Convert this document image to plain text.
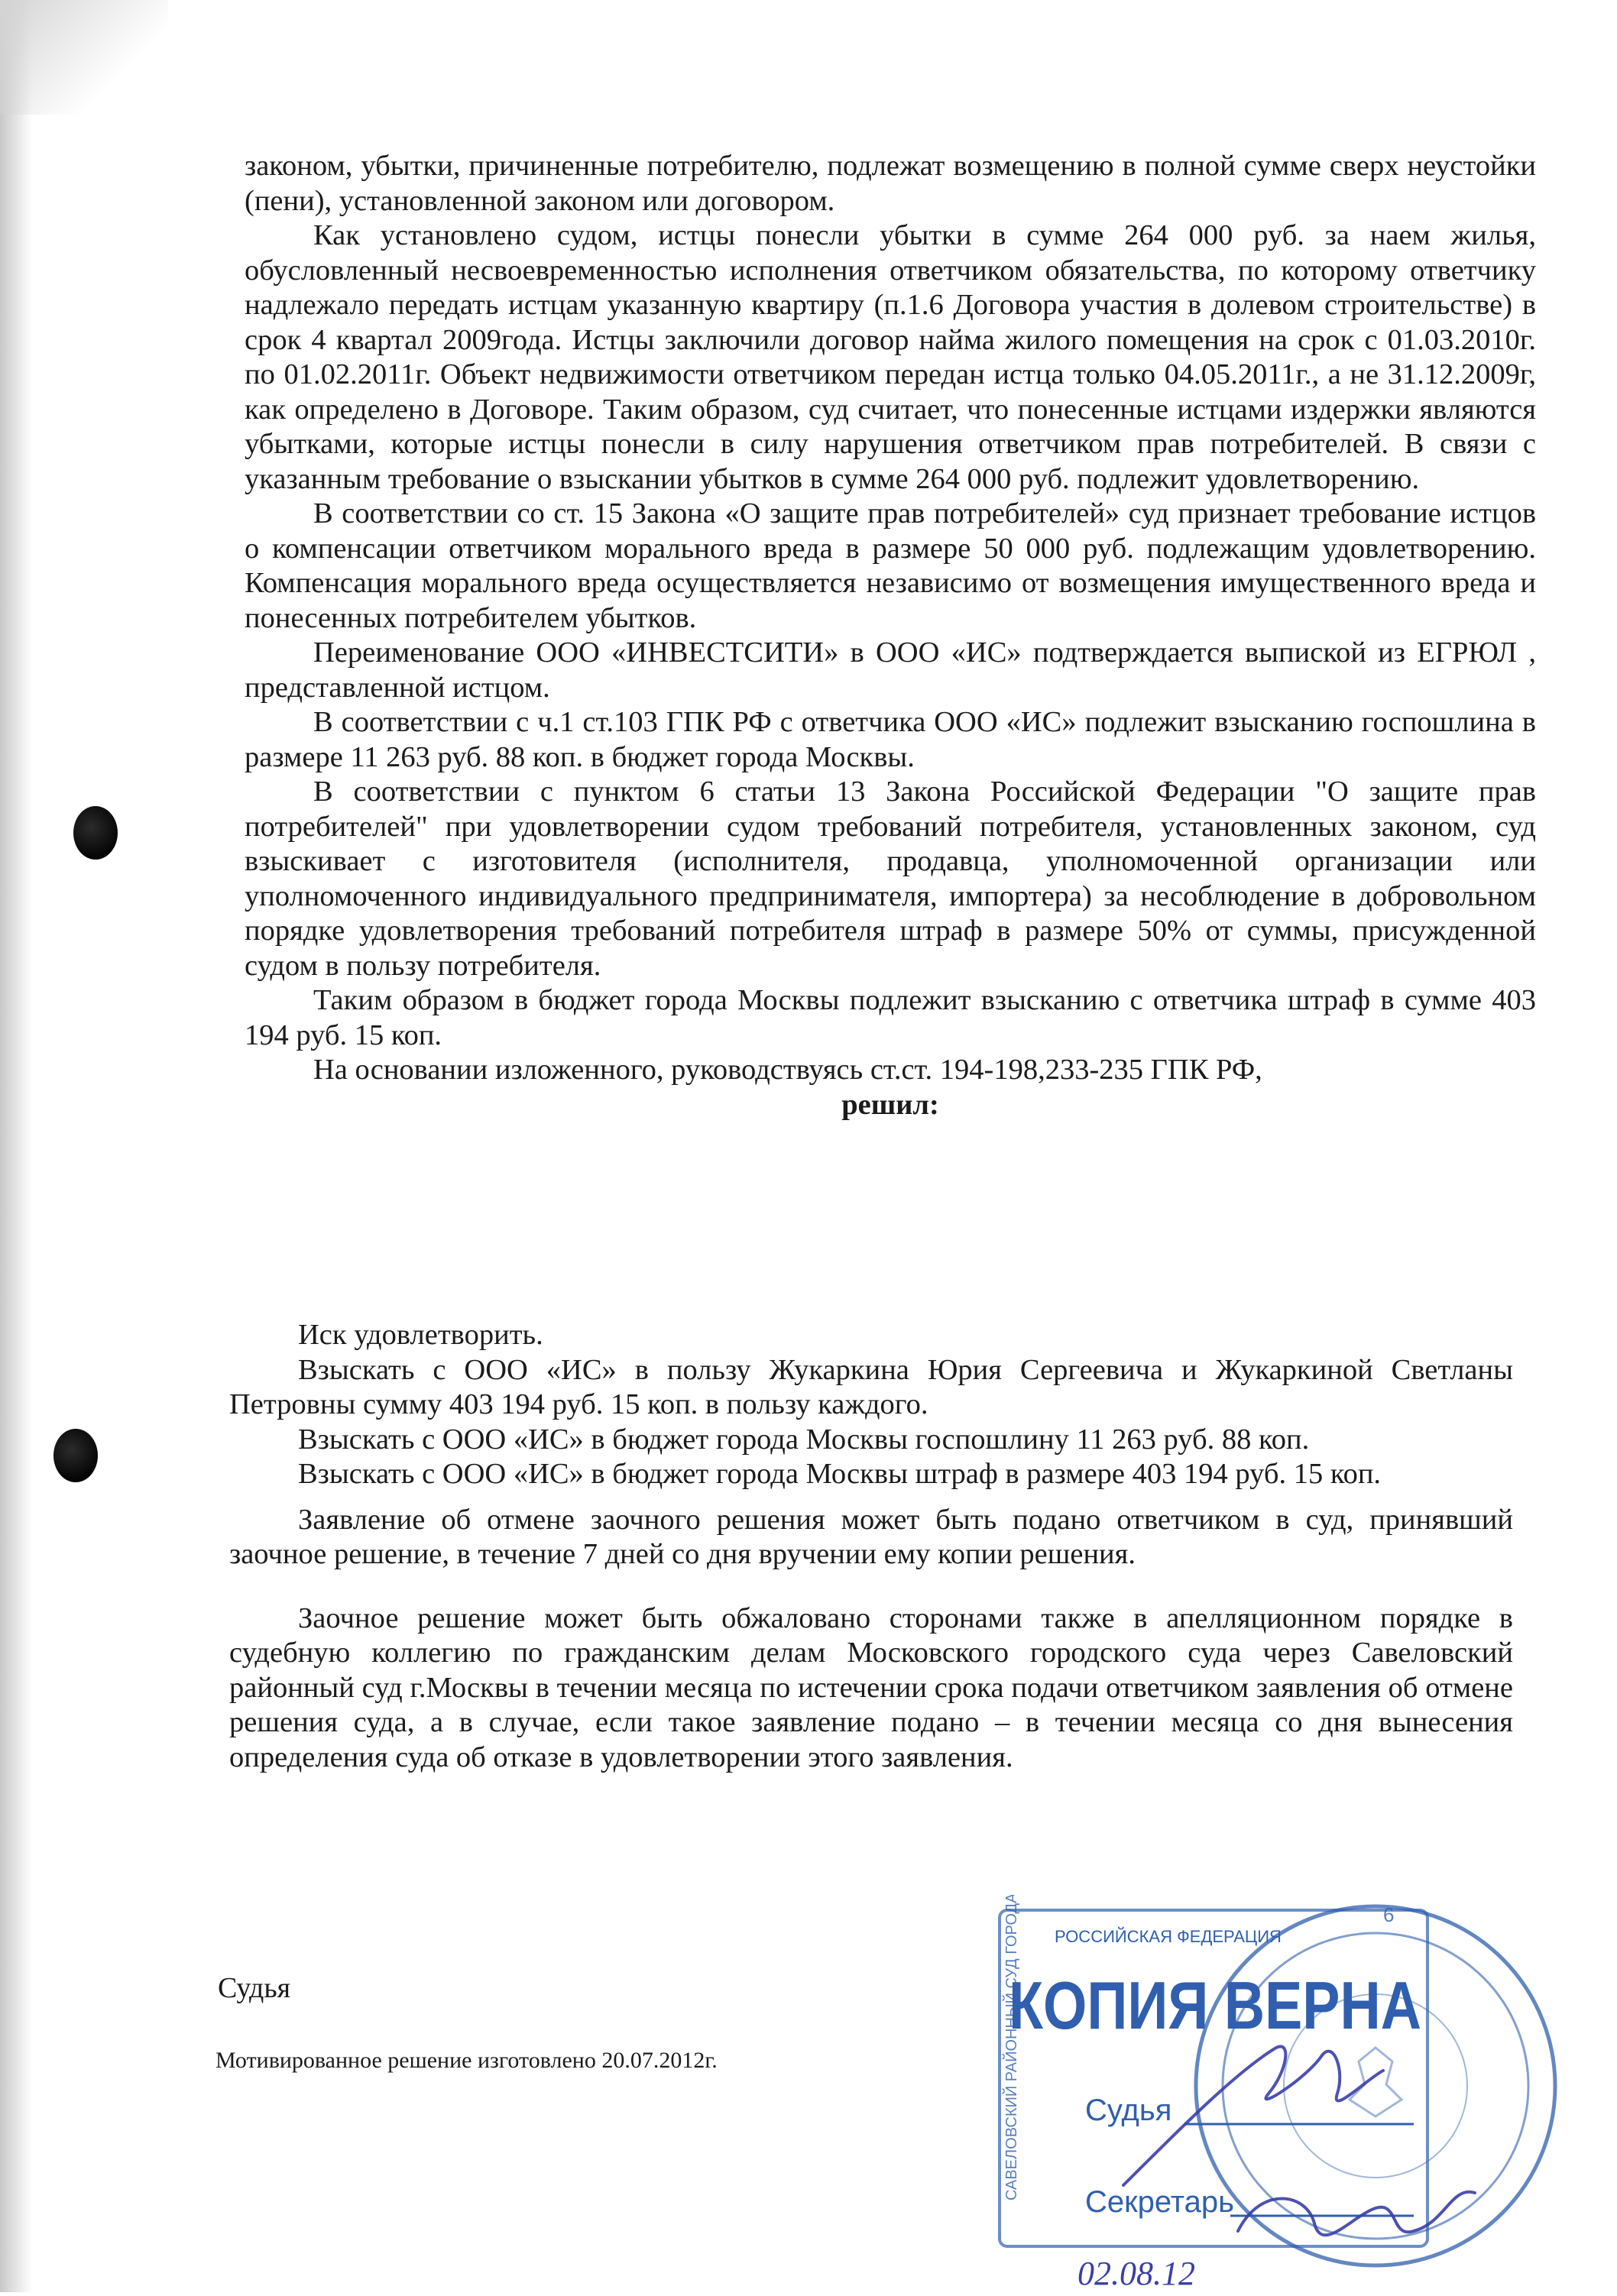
законом, убытки, причиненные потребителю, подлежат возмещению в полной сумме сверх неустойки (пени), установленной законом или договором.

Как установлено судом, истцы понесли убытки в сумме 264 000 руб. за наем жилья, обусловленный несвоевременностью исполнения ответчиком обязательства, по которому ответчику надлежало передать истцам указанную квартиру (п.1.6 Договора участия в долевом строительстве) в срок 4 квартал 2009года. Истцы заключили договор найма жилого помещения на срок с 01.03.2010г. по 01.02.2011г. Объект недвижимости ответчиком передан истца только 04.05.2011г., а не 31.12.2009г, как определено в Договоре. Таким образом, суд считает, что понесенные истцами издержки являются убытками, которые истцы понесли в силу нарушения ответчиком прав потребителей. В связи с указанным требование о взыскании убытков в сумме 264 000 руб. подлежит удовлетворению.

В соответствии со ст. 15 Закона «О защите прав потребителей» суд признает требование истцов о компенсации ответчиком морального вреда в размере 50 000 руб. подлежащим удовлетворению. Компенсация морального вреда осуществляется независимо от возмещения имущественного вреда и понесенных потребителем убытков.

Переименование ООО «ИНВЕСТСИТИ» в ООО «ИС» подтверждается выпиской из ЕГРЮЛ , представленной истцом.

В соответствии с ч.1 ст.103 ГПК РФ с ответчика ООО «ИС» подлежит взысканию госпошлина в размере 11 263 руб. 88 коп. в бюджет города Москвы.

В соответствии с пунктом 6 статьи 13 Закона Российской Федерации "О защите прав потребителей" при удовлетворении судом требований потребителя, установленных законом, суд взыскивает с изготовителя (исполнителя, продавца, уполномоченной организации или уполномоченного индивидуального предпринимателя, импортера) за несоблюдение в добровольном порядке удовлетворения требований потребителя штраф в размере 50% от суммы, присужденной судом в пользу потребителя.

Таким образом в бюджет города Москвы подлежит взысканию с ответчика штраф в сумме 403 194 руб. 15 коп.

На основании изложенного, руководствуясь ст.ст. 194-198,233-235 ГПК РФ,

решил:

Иск удовлетворить.

Взыскать с ООО «ИС» в пользу Жукаркина Юрия Сергеевича и Жукаркиной Светланы Петровны сумму 403 194 руб. 15 коп. в пользу каждого.

Взыскать с ООО «ИС» в бюджет города Москвы госпошлину 11 263 руб. 88 коп.

Взыскать с ООО «ИС» в бюджет города Москвы штраф в размере 403 194 руб. 15 коп.

Заявление об отмене заочного решения может быть подано ответчиком в суд, принявший заочное решение, в течение 7 дней со дня вручении ему копии решения.

Заочное решение может быть обжаловано сторонами также в апелляционном порядке в судебную коллегию по гражданским делам Московского городского суда через Савеловский районный суд г.Москвы в течении месяца по истечении срока подачи ответчиком заявления об отмене решения суда, а в случае, если такое заявление подано – в течении месяца со дня вынесения определения суда об отказе в удовлетворении этого заявления.

Судья
Мотивированное решение изготовлено 20.07.2012г.
6
РОССИЙСКАЯ ФЕДЕРАЦИЯ
КОПИЯ ВЕРНА
Судья
Секретарь
САВЕЛОВСКИЙ РАЙОННЫЙ СУД ГОРОДА МОСКВЫ
02.08.12
